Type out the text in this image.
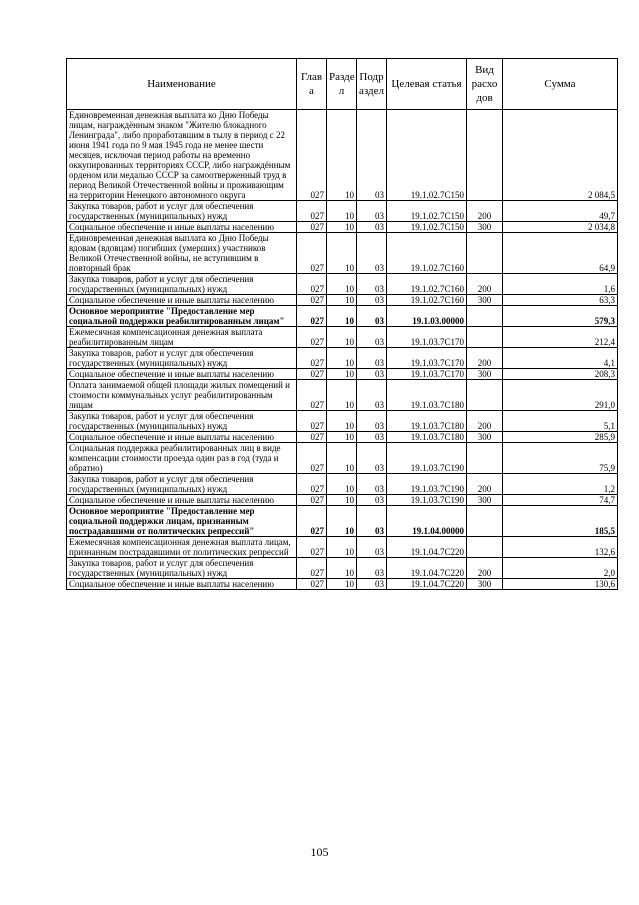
Наименование	Глав а	Разде л	Подр аздел	Целевая статья	Вид расхо дов	Сумма
Единовременная денежная выплата ко Дню Победы лицам, награждённым знаком "Жителю блокадного Ленинграда", либо проработавшим в тылу в период с 22 июня 1941 года по 9 мая 1945 года не менее шести месяцев, исключая период работы на временно оккупированных территориях СССР, либо награждённым орденом или медалью СССР за самоотверженный труд в период Великой Отечественной войны и проживающим на территории Ненецкого автономного округа	027	10	03	19.1.02.7С150		2 084,5
Закупка товаров, работ и услуг для обеспечения государственных (муниципальных) нужд	027	10	03	19.1.02.7С150	200	49,7
Социальное обеспечение и иные выплаты населению	027	10	03	19.1.02.7С150	300	2 034,8
Единовременная денежная выплата ко Дню Победы вдовам (вдовцам) погибших (умерших) участников Великой Отечественной войны, не вступившим в повторный брак	027	10	03	19.1.02.7С160		64,9
Закупка товаров, работ и услуг для обеспечения государственных (муниципальных) нужд	027	10	03	19.1.02.7С160	200	1,6
Социальное обеспечение и иные выплаты населению	027	10	03	19.1.02.7С160	300	63,3
Основное мероприятие "Предоставление мер социальной поддержки реабилитированным лицам"	027	10	03	19.1.03.00000		579,3
Ежемесячная компенсационная денежная выплата реабилитированным лицам	027	10	03	19.1.03.7С170		212,4
Закупка товаров, работ и услуг для обеспечения государственных (муниципальных) нужд	027	10	03	19.1.03.7С170	200	4,1
Социальное обеспечение и иные выплаты населению	027	10	03	19.1.03.7С170	300	208,3
Оплата занимаемой общей площади жилых помещений и стоимости коммунальных услуг реабилитированным лицам	027	10	03	19.1.03.7С180		291,0
Закупка товаров, работ и услуг для обеспечения государственных (муниципальных) нужд	027	10	03	19.1.03.7С180	200	5,1
Социальное обеспечение и иные выплаты населению	027	10	03	19.1.03.7С180	300	285,9
Социальная поддержка реабилитированных лиц в виде компенсации стоимости проезда один раз в год (туда и обратно)	027	10	03	19.1.03.7С190		75,9
Закупка товаров, работ и услуг для обеспечения государственных (муниципальных) нужд	027	10	03	19.1.03.7С190	200	1,2
Социальное обеспечение и иные выплаты населению	027	10	03	19.1.03.7С190	300	74,7
Основное мероприятие "Предоставление мер социальной поддержки лицам, признанным пострадавшими от политических репрессий"	027	10	03	19.1.04.00000		185,5
Ежемесячная компенсационная денежная выплата лицам, признанным пострадавшими от политических репрессий	027	10	03	19.1.04.7С220		132,6
Закупка товаров, работ и услуг для обеспечения государственных (муниципальных) нужд	027	10	03	19.1.04.7С220	200	2,0
Социальное обеспечение и иные выплаты населению	027	10	03	19.1.04.7С220	300	130,6
105
